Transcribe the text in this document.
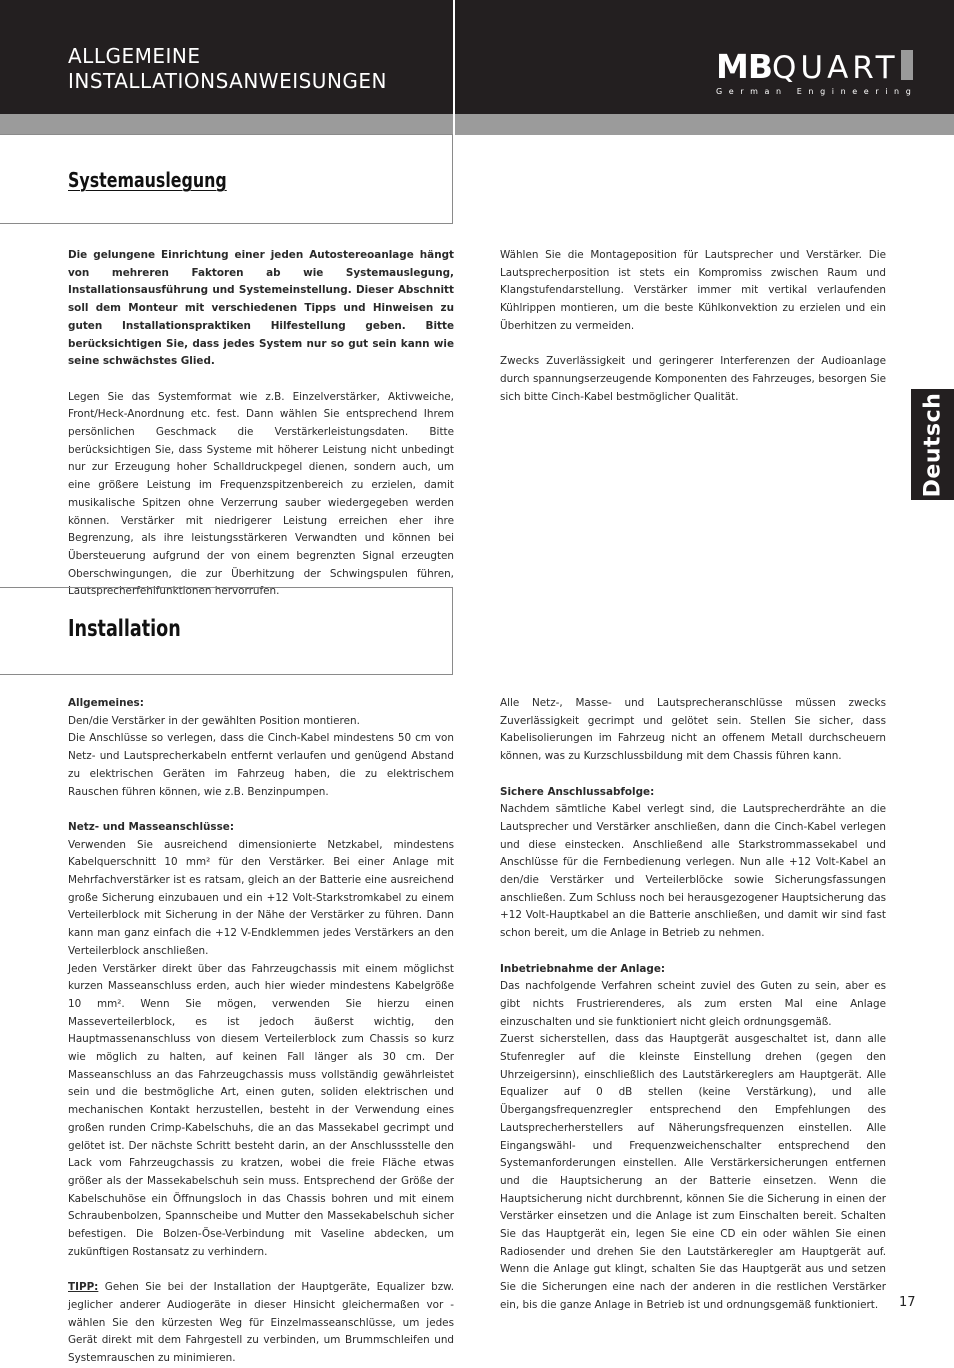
ALLGEMEINE
INSTALLATIONSANWEISUNGEN	MBQUART
German Engineering
Systemauslegung
Deutsch

Die gelungene Einrichtung einer jeden Autostereoanlage hängt von mehreren Faktoren ab wie Systemauslegung, Installationsausführung und Systemeinstellung. Dieser Abschnitt soll dem Monteur mit verschiedenen Tipps und Hinweisen zu guten Installationspraktiken Hilfestellung geben. Bitte berücksichtigen Sie, dass jedes System nur so gut sein kann wie seine schwächstes Glied.

Legen Sie das Systemformat wie z.B. Einzelverstärker, Aktivweiche, Front/Heck-Anordnung etc. fest. Dann wählen Sie entsprechend Ihrem persönlichen Geschmack die Verstärkerleistungsdaten. Bitte berücksichtigen Sie, dass Systeme mit höherer Leistung nicht unbedingt nur zur Erzeugung hoher Schalldruckpegel dienen, sondern auch, um eine größere Leistung im Frequenzspitzenbereich zu erzielen, damit musikalische Spitzen ohne Verzerrung sauber wiedergegeben werden können. Verstärker mit niedrigerer Leistung erreichen eher ihre Begrenzung, als ihre leistungsstärkeren Verwandten und können bei Übersteuerung aufgrund der von einem begrenzten Signal erzeugten Oberschwingungen, die zur Überhitzung der Schwingspulen führen, Lautsprecherfehlfunktionen hervorrufen.

Wählen Sie die Montageposition für Lautsprecher und Verstärker. Die Lautsprecherposition ist stets ein Kompromiss zwischen Raum und Klangstufendarstellung. Verstärker immer mit vertikal verlaufenden Kühlrippen montieren, um die beste Kühlkonvektion zu erzielen und ein Überhitzen zu vermeiden.

Zwecks Zuverlässigkeit und geringerer Interferenzen der Audioanlage durch spannungserzeugende Komponenten des Fahrzeuges, besorgen Sie sich bitte Cinch-Kabel bestmöglicher Qualität.

Installation

Allgemeines:

Den/die Verstärker in der gewählten Position montieren.

Die Anschlüsse so verlegen, dass die Cinch-Kabel mindestens 50 cm von Netz- und Lautsprecherkabeln entfernt verlaufen und genügend Abstand zu elektrischen Geräten im Fahrzeug haben, die zu elektrischem Rauschen führen können, wie z.B. Benzinpumpen.

Netz- und Masseanschlüsse:

Verwenden Sie ausreichend dimensionierte Netzkabel, mindestens Kabelquerschnitt 10 mm² für den Verstärker. Bei einer Anlage mit Mehrfachverstärker ist es ratsam, gleich an der Batterie eine ausreichend große Sicherung einzubauen und ein +12 Volt-Starkstromkabel zu einem Verteilerblock mit Sicherung in der Nähe der Verstärker zu führen. Dann kann man ganz einfach die +12 V-Endklemmen jedes Verstärkers an den Verteilerblock anschließen.

Jeden Verstärker direkt über das Fahrzeugchassis mit einem möglichst kurzen Masseanschluss erden, auch hier wieder mindestens Kabelgröße 10 mm². Wenn Sie mögen, verwenden Sie hierzu einen Masseverteilerblock, es ist jedoch äußerst wichtig, den Hauptmassenanschluss von diesem Verteilerblock zum Chassis so kurz wie möglich zu halten, auf keinen Fall länger als 30 cm. Der Masseanschluss an das Fahrzeugchassis muss vollständig gewährleistet sein und die bestmögliche Art, einen guten, soliden elektrischen und mechanischen Kontakt herzustellen, besteht in der Verwendung eines großen runden Crimp-Kabelschuhs, die an das Massekabel gecrimpt und gelötet ist. Der nächste Schritt besteht darin, an der Anschlussstelle den Lack vom Fahrzeugchassis zu kratzen, wobei die freie Fläche etwas größer als der Massekabelschuh sein muss. Entsprechend der Größe der Kabelschuhöse ein Öffnungsloch in das Chassis bohren und mit einem Schraubenbolzen, Spannscheibe und Mutter den Massekabelschuh sicher befestigen. Die Bolzen-Öse-Verbindung mit Vaseline abdecken, um zukünftigen Rostansatz zu verhindern.

TIPP: Gehen Sie bei der Installation der Hauptgeräte, Equalizer bzw. jeglicher anderer Audiogeräte in dieser Hinsicht gleichermaßen vor - wählen Sie den kürzesten Weg für Einzelmasseanschlüsse, um jedes Gerät direkt mit dem Fahrgestell zu verbinden, um Brummschleifen und Systemrauschen zu minimieren.

Alle Netz-, Masse- und Lautsprecheranschlüsse müssen zwecks Zuverlässigkeit gecrimpt und gelötet sein. Stellen Sie sicher, dass Kabelisolierungen im Fahrzeug nicht an offenem Metall durchscheuern können, was zu Kurzschlussbildung mit dem Chassis führen kann.

Sichere Anschlussabfolge:

Nachdem sämtliche Kabel verlegt sind, die Lautsprecherdrähte an die Lautsprecher und Verstärker anschließen, dann die Cinch-Kabel verlegen und diese einstecken. Anschließend alle Starkstrommassekabel und Anschlüsse für die Fernbedienung verlegen. Nun alle +12 Volt-Kabel an den/die Verstärker und Verteilerblöcke sowie Sicherungsfassungen anschließen. Zum Schluss noch bei herausgezogener Hauptsicherung das +12 Volt-Hauptkabel an die Batterie anschließen, und damit wir sind fast schon bereit, um die Anlage in Betrieb zu nehmen.

Inbetriebnahme der Anlage:

Das nachfolgende Verfahren scheint zuviel des Guten zu sein, aber es gibt nichts Frustrierenderes, als zum ersten Mal eine Anlage einzuschalten und sie funktioniert nicht gleich ordnungsgemäß.

Zuerst sicherstellen, dass das Hauptgerät ausgeschaltet ist, dann alle Stufenregler auf die kleinste Einstellung drehen (gegen den Uhrzeigersinn), einschließlich des Lautstärkereglers am Hauptgerät. Alle Equalizer auf 0 dB stellen (keine Verstärkung), und alle Übergangsfrequenzregler entsprechend den Empfehlungen des Lautsprecherherstellers auf Näherungsfrequenzen einstellen. Alle Eingangswähl- und Frequenzweichenschalter entsprechend den Systemanforderungen einstellen. Alle Verstärkersicherungen entfernen und die Hauptsicherung an der Batterie einsetzen. Wenn die Hauptsicherung nicht durchbrennt, können Sie die Sicherung in einen der Verstärker einsetzen und die Anlage ist zum Einschalten bereit. Schalten Sie das Hauptgerät ein, legen Sie eine CD ein oder wählen Sie einen Radiosender und drehen Sie den Lautstärkeregler am Hauptgerät auf. Wenn die Anlage gut klingt, schalten Sie das Hauptgerät aus und setzen Sie die Sicherungen eine nach der anderen in die restlichen Verstärker ein, bis die ganze Anlage in Betrieb ist und ordnungsgemäß funktioniert.	17
